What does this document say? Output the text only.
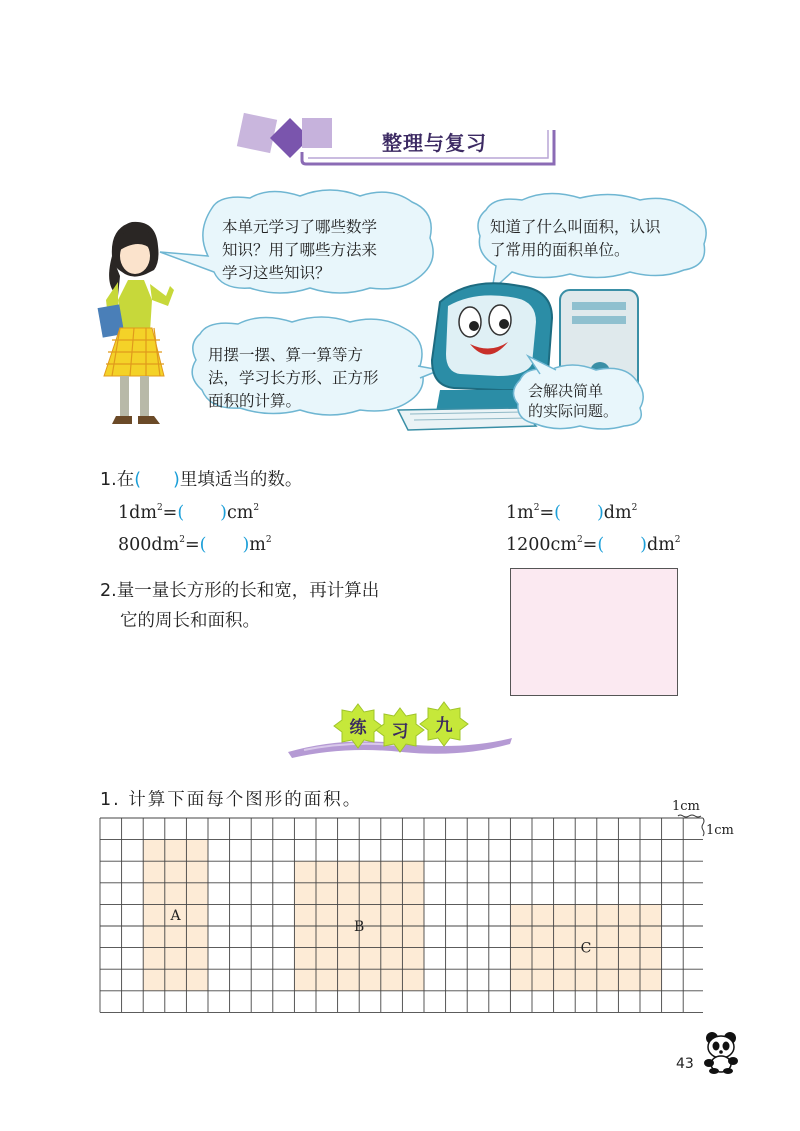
整理与复习
本单元学习了哪些数学
知识？用了哪些方法来
学习这些知识？
知道了什么叫面积，认识
了常用的面积单位。
用摆一摆、算一算等方
法，学习长方形、正方形
面积的计算。
会解决简单
的实际问题。
1.在( )里填适当的数。
$1dm^2=$( )$cm^2$
$800dm^2=$( )$m^2$
$1m^2=$( )$dm^2$
$1200cm^2=$( )$dm^2$
2.量一量长方形的长和宽，再计算出
它的周长和面积。
练 习 九
1. 计算下面每个图形的面积。
A
B
C
1cm
1cm
43
